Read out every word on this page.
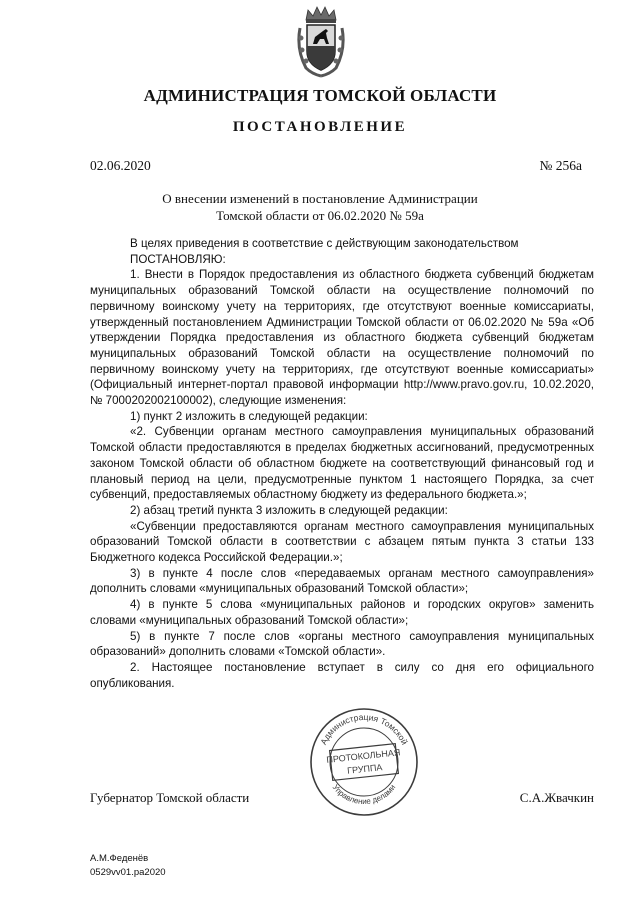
АДМИНИСТРАЦИЯ ТОМСКОЙ ОБЛАСТИ
ПОСТАНОВЛЕНИЕ
02.06.2020	№ 256а
О внесении изменений в постановление Администрации
Томской области от 06.02.2020 № 59а

В целях приведения в соответствие с действующим законодательством

ПОСТАНОВЛЯЮ:

1. Внести в Порядок предоставления из областного бюджета субвенций бюджетам муниципальных образований Томской области на осуществление полномочий по первичному воинскому учету на территориях, где отсутствуют военные комиссариаты, утвержденный постановлением Администрации Томской области от 06.02.2020 № 59а «Об утверждении Порядка предоставления из областного бюджета субвенций бюджетам муниципальных образований Томской области на осуществление полномочий по первичному воинскому учету на территориях, где отсутствуют военные комиссариаты» (Официальный интернет-портал правовой информации http://www.pravo.gov.ru, 10.02.2020, № 7000202002100002), следующие изменения:

1) пункт 2 изложить в следующей редакции:

«2. Субвенции органам местного самоуправления муниципальных образований Томской области предоставляются в пределах бюджетных ассигнований, предусмотренных законом Томской области об областном бюджете на соответствующий финансовый год и плановый период на цели, предусмотренные пунктом 1 настоящего Порядка, за счет субвенций, предоставляемых областному бюджету из федерального бюджета.»;

2) абзац третий пункта 3 изложить в следующей редакции:

«Субвенции предоставляются органам местного самоуправления муниципальных образований Томской области в соответствии с абзацем пятым пункта 3 статьи 133 Бюджетного кодекса Российской Федерации.»;

3) в пункте 4 после слов «передаваемых органам местного самоуправления» дополнить словами «муниципальных образований Томской области»;

4) в пункте 5 слова «муниципальных районов и городских округов» заменить словами «муниципальных образований Томской области»;

5) в пункте 7 после слов «органы местного самоуправления муниципальных образований» дополнить словами «Томской области».

2. Настоящее постановление вступает в силу со дня его официального опубликования.

Администрация Томской
Управление делами
ПРОТОКОЛЬНАЯ
ГРУППА
Губернатор Томской области	С.А.Жвачкин
А.М.Феденёв
0529vv01.pa2020
